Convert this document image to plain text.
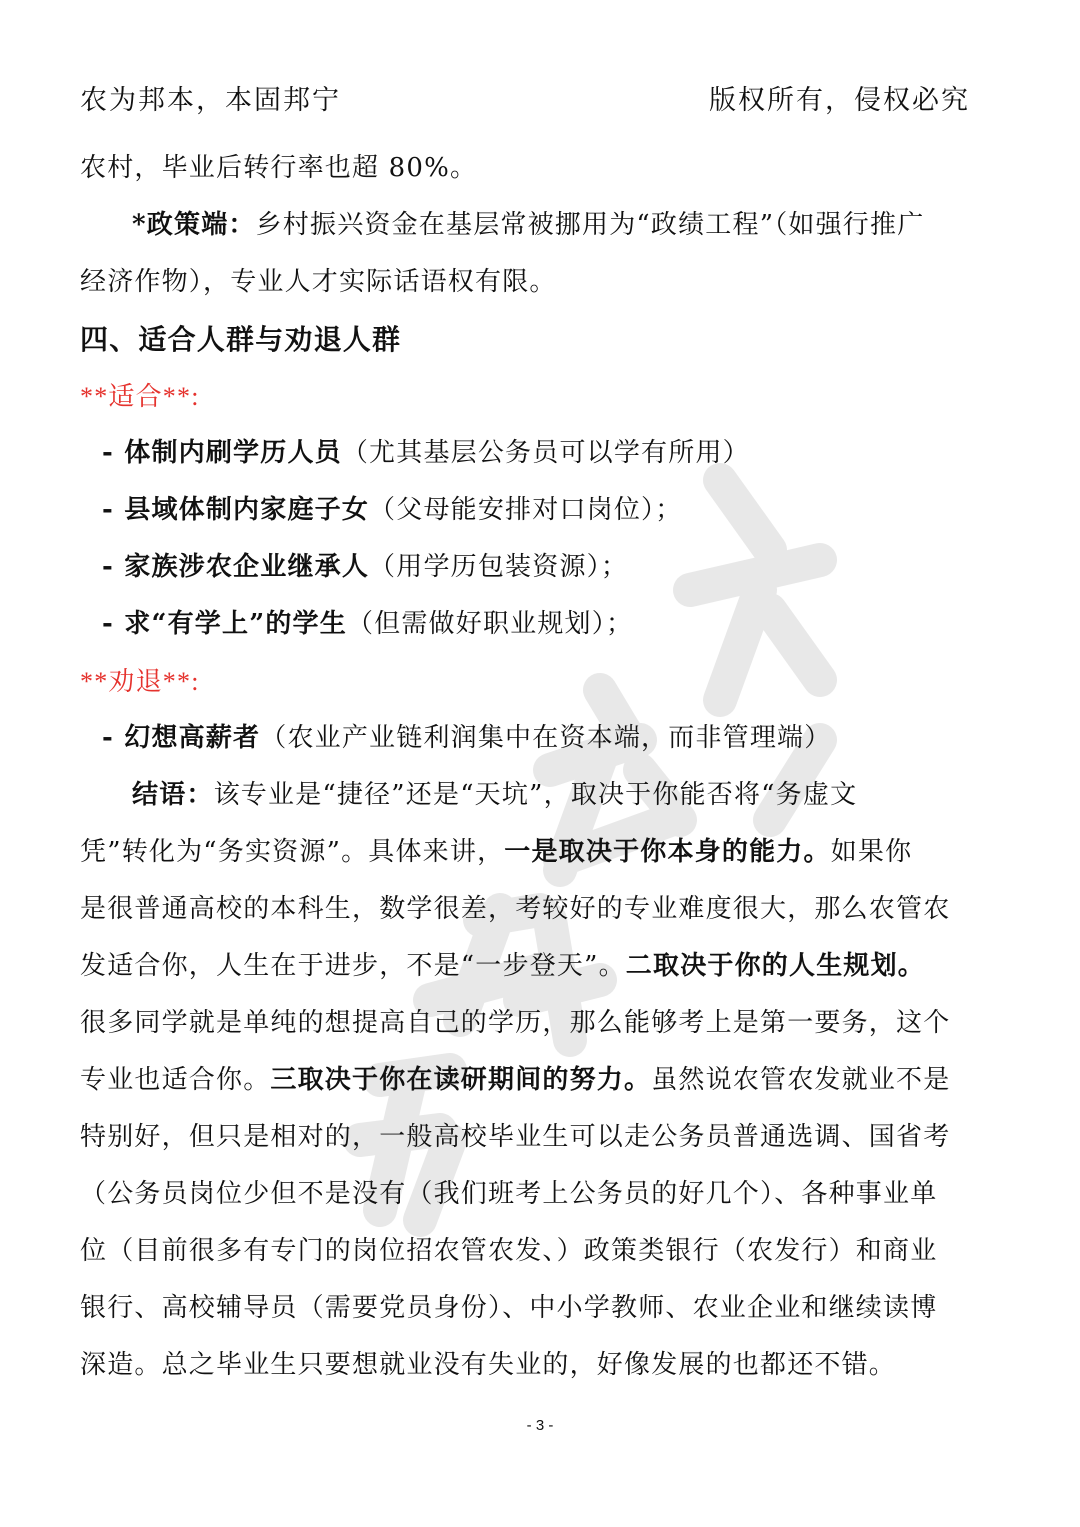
农为邦本，本固邦宁	版权所有，侵权必究
农村，毕业后转行率也超 80%。
*政策端：乡村振兴资金在基层常被挪用为“政绩工程”（如强行推广
经济作物），专业人才实际话语权有限。
四、适合人群与劝退人群
**适合**:
- 体制内刷学历人员（尤其基层公务员可以学有所用）
- 县域体制内家庭子女（父母能安排对口岗位）；
- 家族涉农企业继承人（用学历包装资源）；
- 求“有学上”的学生（但需做好职业规划）；
**劝退**:
- 幻想高薪者（农业产业链利润集中在资本端，而非管理端）
结语：该专业是“捷径”还是“天坑”，取决于你能否将“务虚文
凭”转化为“务实资源”。具体来讲，一是取决于你本身的能力。如果你
是很普通高校的本科生，数学很差，考较好的专业难度很大，那么农管农
发适合你，人生在于进步，不是“一步登天”。二取决于你的人生规划。
很多同学就是单纯的想提高自己的学历，那么能够考上是第一要务，这个
专业也适合你。三取决于你在读研期间的努力。虽然说农管农发就业不是
特别好，但只是相对的，一般高校毕业生可以走公务员普通选调、国省考
（公务员岗位少但不是没有（我们班考上公务员的好几个）、各种事业单
位（目前很多有专门的岗位招农管农发、）政策类银行（农发行）和商业
银行、高校辅导员（需要党员身份）、中小学教师、农业企业和继续读博
深造。总之毕业生只要想就业没有失业的，好像发展的也都还不错。
- 3 -
